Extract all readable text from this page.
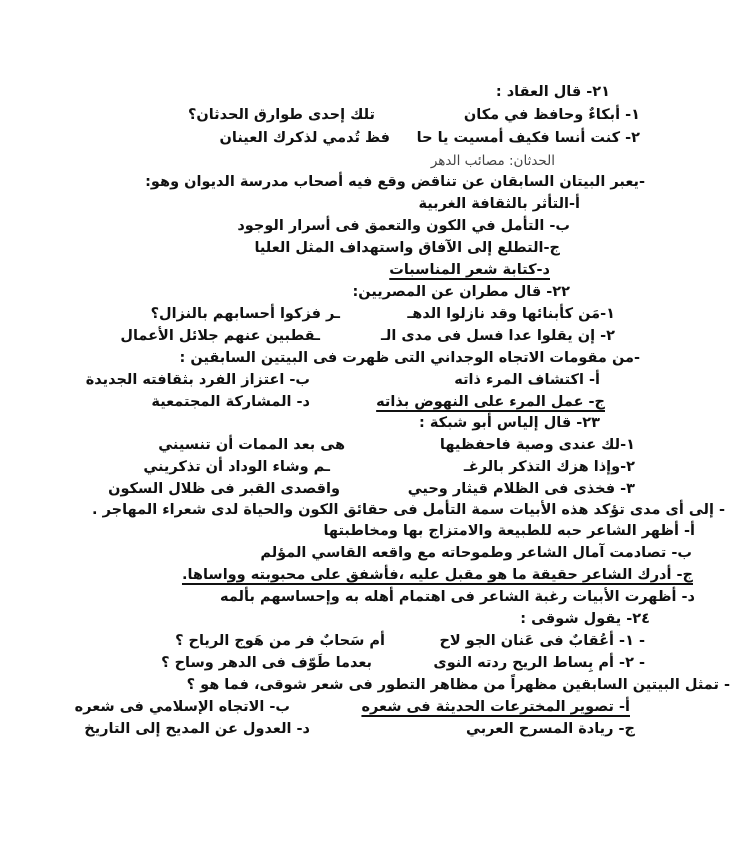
٢١- قال العقاد :
١- أبكاءٌ وحافظ في مكان
تلك إحدى طوارق الحدثان؟
٢- كنت أنسا فكيف أمسيت يا حا
فظ تُدمي لذكرك العينان
الحدثان: مصائب الدهر
-يعبر البيتان السابقان عن تناقض وقع فيه أصحاب مدرسة الديوان وهو:
أ-التأثر بالثقافة الغربية
ب- التأمل في الكون والتعمق فى أسرار الوجود
ج-التطلع إلى الآفاق واستهداف المثل العليا
د-كتابة شعر المناسبات
٢٢- قال مطران عن المصريين:
١-مَن كأبنائها وقد نازلوا الدهـ
ـر فزكوا أحسابهم بالنزال؟
٢- إن يقلوا عدا فسل فى مدى الـ
ـقطبين عنهم جلائل الأعمال
-من مقومات الاتجاه الوجداني التى ظهرت فى البيتين السابقين :
أ- اكتشاف المرء ذاته
ب- اعتزاز الفرد بثقافته الجديدة
ج- عمل المرء على النهوض بذاته
د- المشاركة المجتمعية
٢٣- قال إلياس أبو شبكة :
١-لك عندى وصية فاحفظيها
هى بعد الممات أن تنسيني
٢-وإذا هزك التذكر بالرغـ
ـم وشاء الوداد أن تذكريني
٣- فخذى فى الظلام قيثار وحيي
واقصدى القبر فى ظلال السكون
- إلى أى مدى تؤكد هذه الأبيات سمة التأمل فى حقائق الكون والحياة لدى شعراء المهاجر .
أ- أظهر الشاعر حبه للطبيعة والامتزاج بها ومخاطبتها
ب- تصادمت آمال الشاعر وطموحاته مع واقعه القاسي المؤلم
ج- أدرك الشاعر حقيقة ما هو مقبل عليه ،فأشفق على محبوبته وواساها.
د- أظهرت الأبيات رغبة الشاعر فى اهتمام أهله به وإحساسهم بألمه
٢٤- يقول شوقى :
- ١- أعُقابٌ فى عَنان الجو لاح
أم سَحابٌ فر من هَوج الرياح ؟
- ٢- أم بِساط الريح ردته النوى
بعدما طَوّف فى الدهر وساح ؟
- تمثل البيتين السابقين مظهراً من مظاهر التطور فى شعر شوقى، فما هو ؟
أ- تصوير المخترعات الحديثة فى شعره
ب- الاتجاه الإسلامي فى شعره
ج- ريادة المسرح العربي
د- العدول عن المديح إلى التاريخ
